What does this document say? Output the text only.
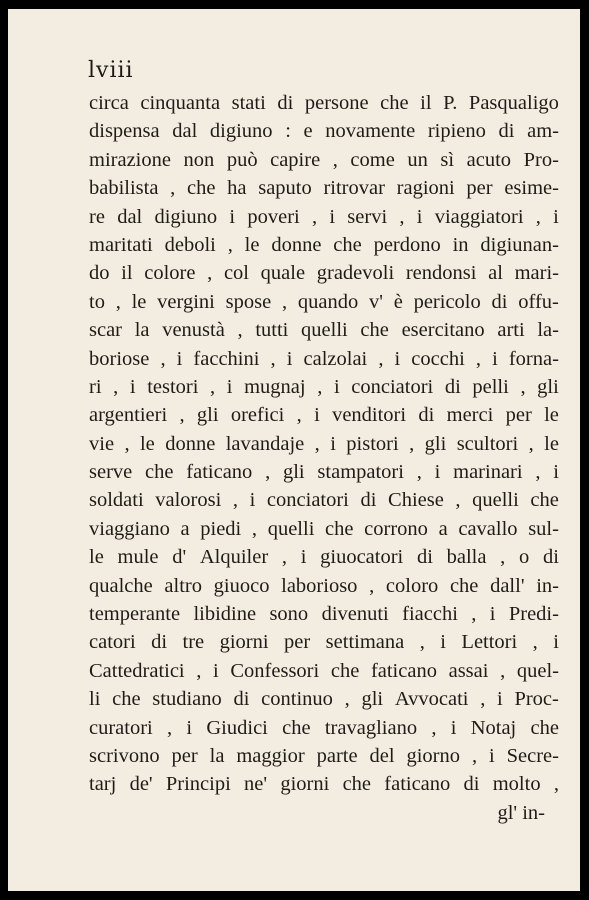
lviii
circa cinquanta stati di persone che il P. Pasqualigo
dispensa dal digiuno : e novamente ripieno di am-
mirazione non può capire , come un sì acuto Pro-
babilista , che ha saputo ritrovar ragioni per esime-
re dal digiuno i poveri , i servi , i viaggiatori , i
maritati deboli , le donne che perdono in digiunan-
do il colore , col quale gradevoli rendonsi al mari-
to , le vergini spose , quando v' è pericolo di offu-
scar la venustà , tutti quelli che esercitano arti la-
boriose , i facchini , i calzolai , i cocchi , i forna-
ri , i testori , i mugnaj , i conciatori di pelli , gli
argentieri , gli orefici , i venditori di merci per le
vie , le donne lavandaje , i pistori , gli scultori , le
serve che faticano , gli stampatori , i marinari , i
soldati valorosi , i conciatori di Chiese , quelli che
viaggiano a piedi , quelli che corrono a cavallo sul-
le mule d' Alquiler , i giuocatori di balla , o di
qualche altro giuoco laborioso , coloro che dall' in-
temperante libidine sono divenuti fiacchi , i Predi-
catori di tre giorni per settimana , i Lettori , i
Cattedratici , i Confessori che faticano assai , quel-
li che studiano di continuo , gli Avvocati , i Proc-
curatori , i Giudici che travagliano , i Notaj che
scrivono per la maggior parte del giorno , i Secre-
tarj de' Principi ne' giorni che faticano di molto ,
gl' in-
